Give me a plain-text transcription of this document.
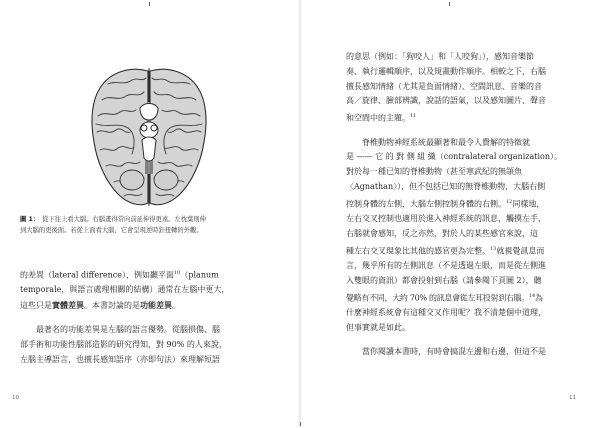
圖 1： 從下往上看大腦。右腦畫得常向前延伸得更遠。左枕葉則伸
到大腦的更後面。若從上面看大腦，它會呈現逆時針扭轉的外觀。
的差異（lateral difference），例如顳平面$^{10}$（planum
temporale，與語言處理相關的結構）通常在左腦中更大，
這些只是實體差異。本書討論的是功能差異。
最著名的功能差異是左腦的語言優勢。從腦損傷、腦
部手術和功能性腦部造影的研究得知，對 90% 的人來說，
左腦主導語言，也擅長感知語序（亦即句法）來理解短語
10
的意思（例如：「狗咬人」和「人咬狗」），感知音樂節
奏、執行邏輯順序，以及規畫動作順序。相較之下，右腦
擅長感知情緒（尤其是負面情緒）、空間訊息、音樂的音
高／旋律、臉部辨識，說話的語氣，以及感知圖片、聲音
和空間中的主題。$^{11}$
脊椎動物神經系統最顯著和最令人費解的特徵就
是 —— 它 的 對 側 組 織（contralateral organization）。
對於每一種已知的脊椎動物（甚至寒武紀的無頜魚
〈Agnathan〉），但不包括已知的無脊椎動物，大腦右側
控制身體的左側，大腦左側控制身體的右側。$^{12}$同樣地，
左右交叉控制也適用於進入神經系統的訊息，觸摸左手，
右腦就會感知，反之亦然，對於人的某些感官來說，這
種左右交叉現象比其他的感官更為完整。$^{13}$就視覺訊息而
言，幾乎所有的左側訊息（不是透過左眼，而是從左側進
入雙眼的資訊）都會投射到右腦（請參閱下頁圖 2），聽
覺略有不同，大約 70% 的訊息會從左耳投射到右腦。$^{14}$為
什麼神經系統會有這種交叉作用呢？我不清楚個中道理，
但事實就是如此。
當你閱讀本書時，有時會搞混左邊和右邊，但這不是
11
